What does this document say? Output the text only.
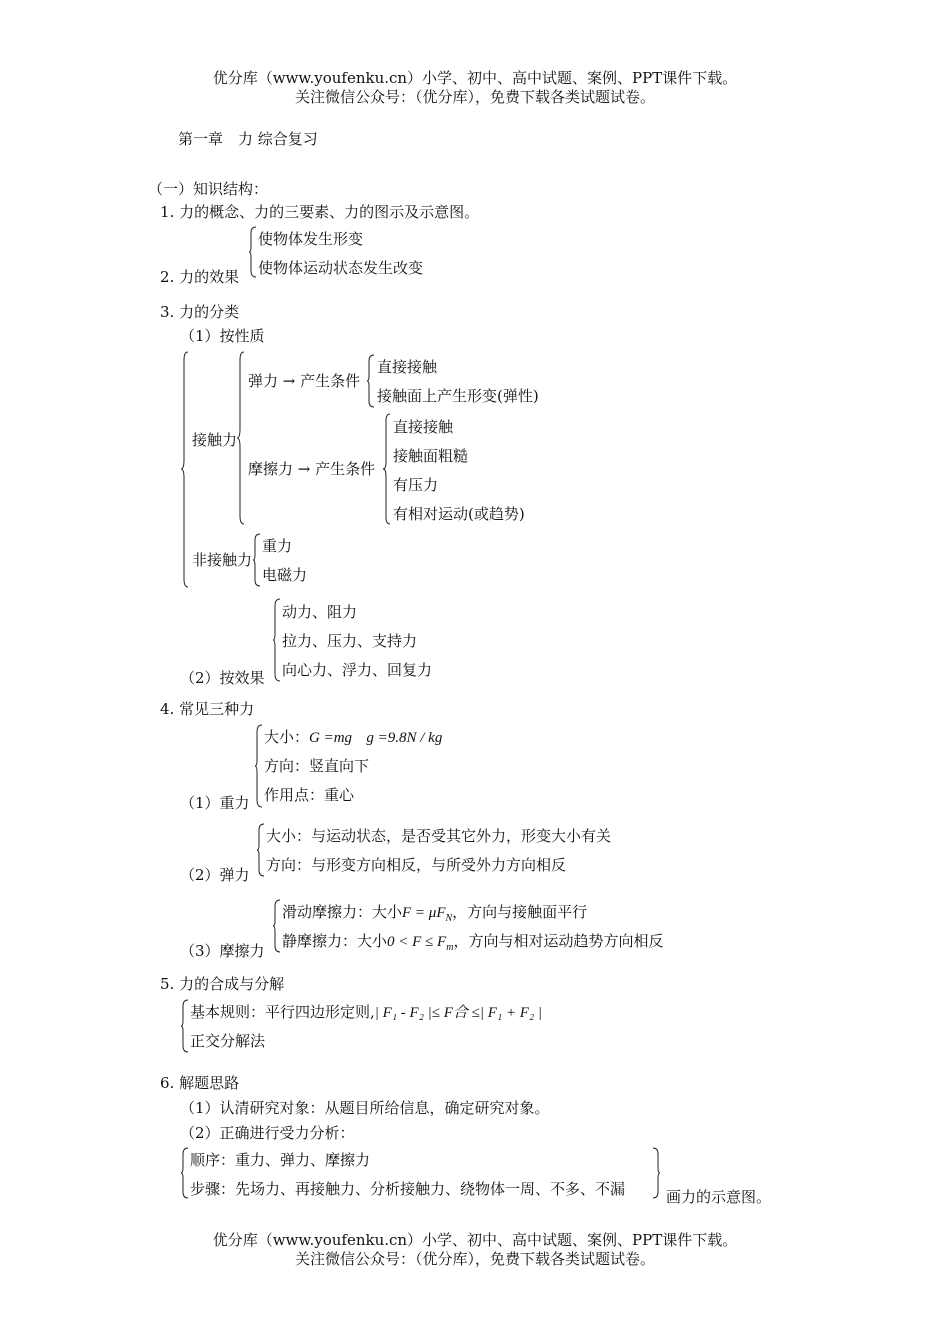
优分库（www.youfenku.cn）小学、初中、高中试题、案例、PPT课件下载。
关注微信公众号：（优分库），免费下载各类试题试卷。
第一章　力 综合复习
（一）知识结构：
1. 力的概念、力的三要素、力的图示及示意图。
2. 力的效果
使物体发生形变
使物体运动状态发生改变
3. 力的分类
（1）按性质
接触力
弹力 → 产生条件
直接接触
接触面上产生形变(弹性)
摩擦力 → 产生条件
直接接触
接触面粗糙
有压力
有相对运动(或趋势)
非接触力
重力
电磁力
（2）按效果
动力、阻力
拉力、压力、支持力
向心力、浮力、回复力
4. 常见三种力
（1）重力
大小：G =mg g =9.8N / kg
方向：竖直向下
作用点：重心
（2）弹力
大小：与运动状态，是否受其它外力，形变大小有关
方向：与形变方向相反，与所受外力方向相反
（3）摩擦力
滑动摩擦力：大小$F = \mu F_N$，方向与接触面平行
静摩擦力：大小$0 < F \le F_m$，方向与相对运动趋势方向相反
5. 力的合成与分解
基本规则：平行四边形定则,| F₁ - F₂ |≤ F合 ≤| F₁ + F₂ |
正交分解法
6. 解题思路
（1）认清研究对象：从题目所给信息，确定研究对象。
（2）正确进行受力分析：
顺序：重力、弹力、摩擦力
步骤：先场力、再接触力、分析接触力、绕物体一周、不多、不漏	画力的示意图。
优分库（www.youfenku.cn）小学、初中、高中试题、案例、PPT课件下载。
关注微信公众号：（优分库），免费下载各类试题试卷。
